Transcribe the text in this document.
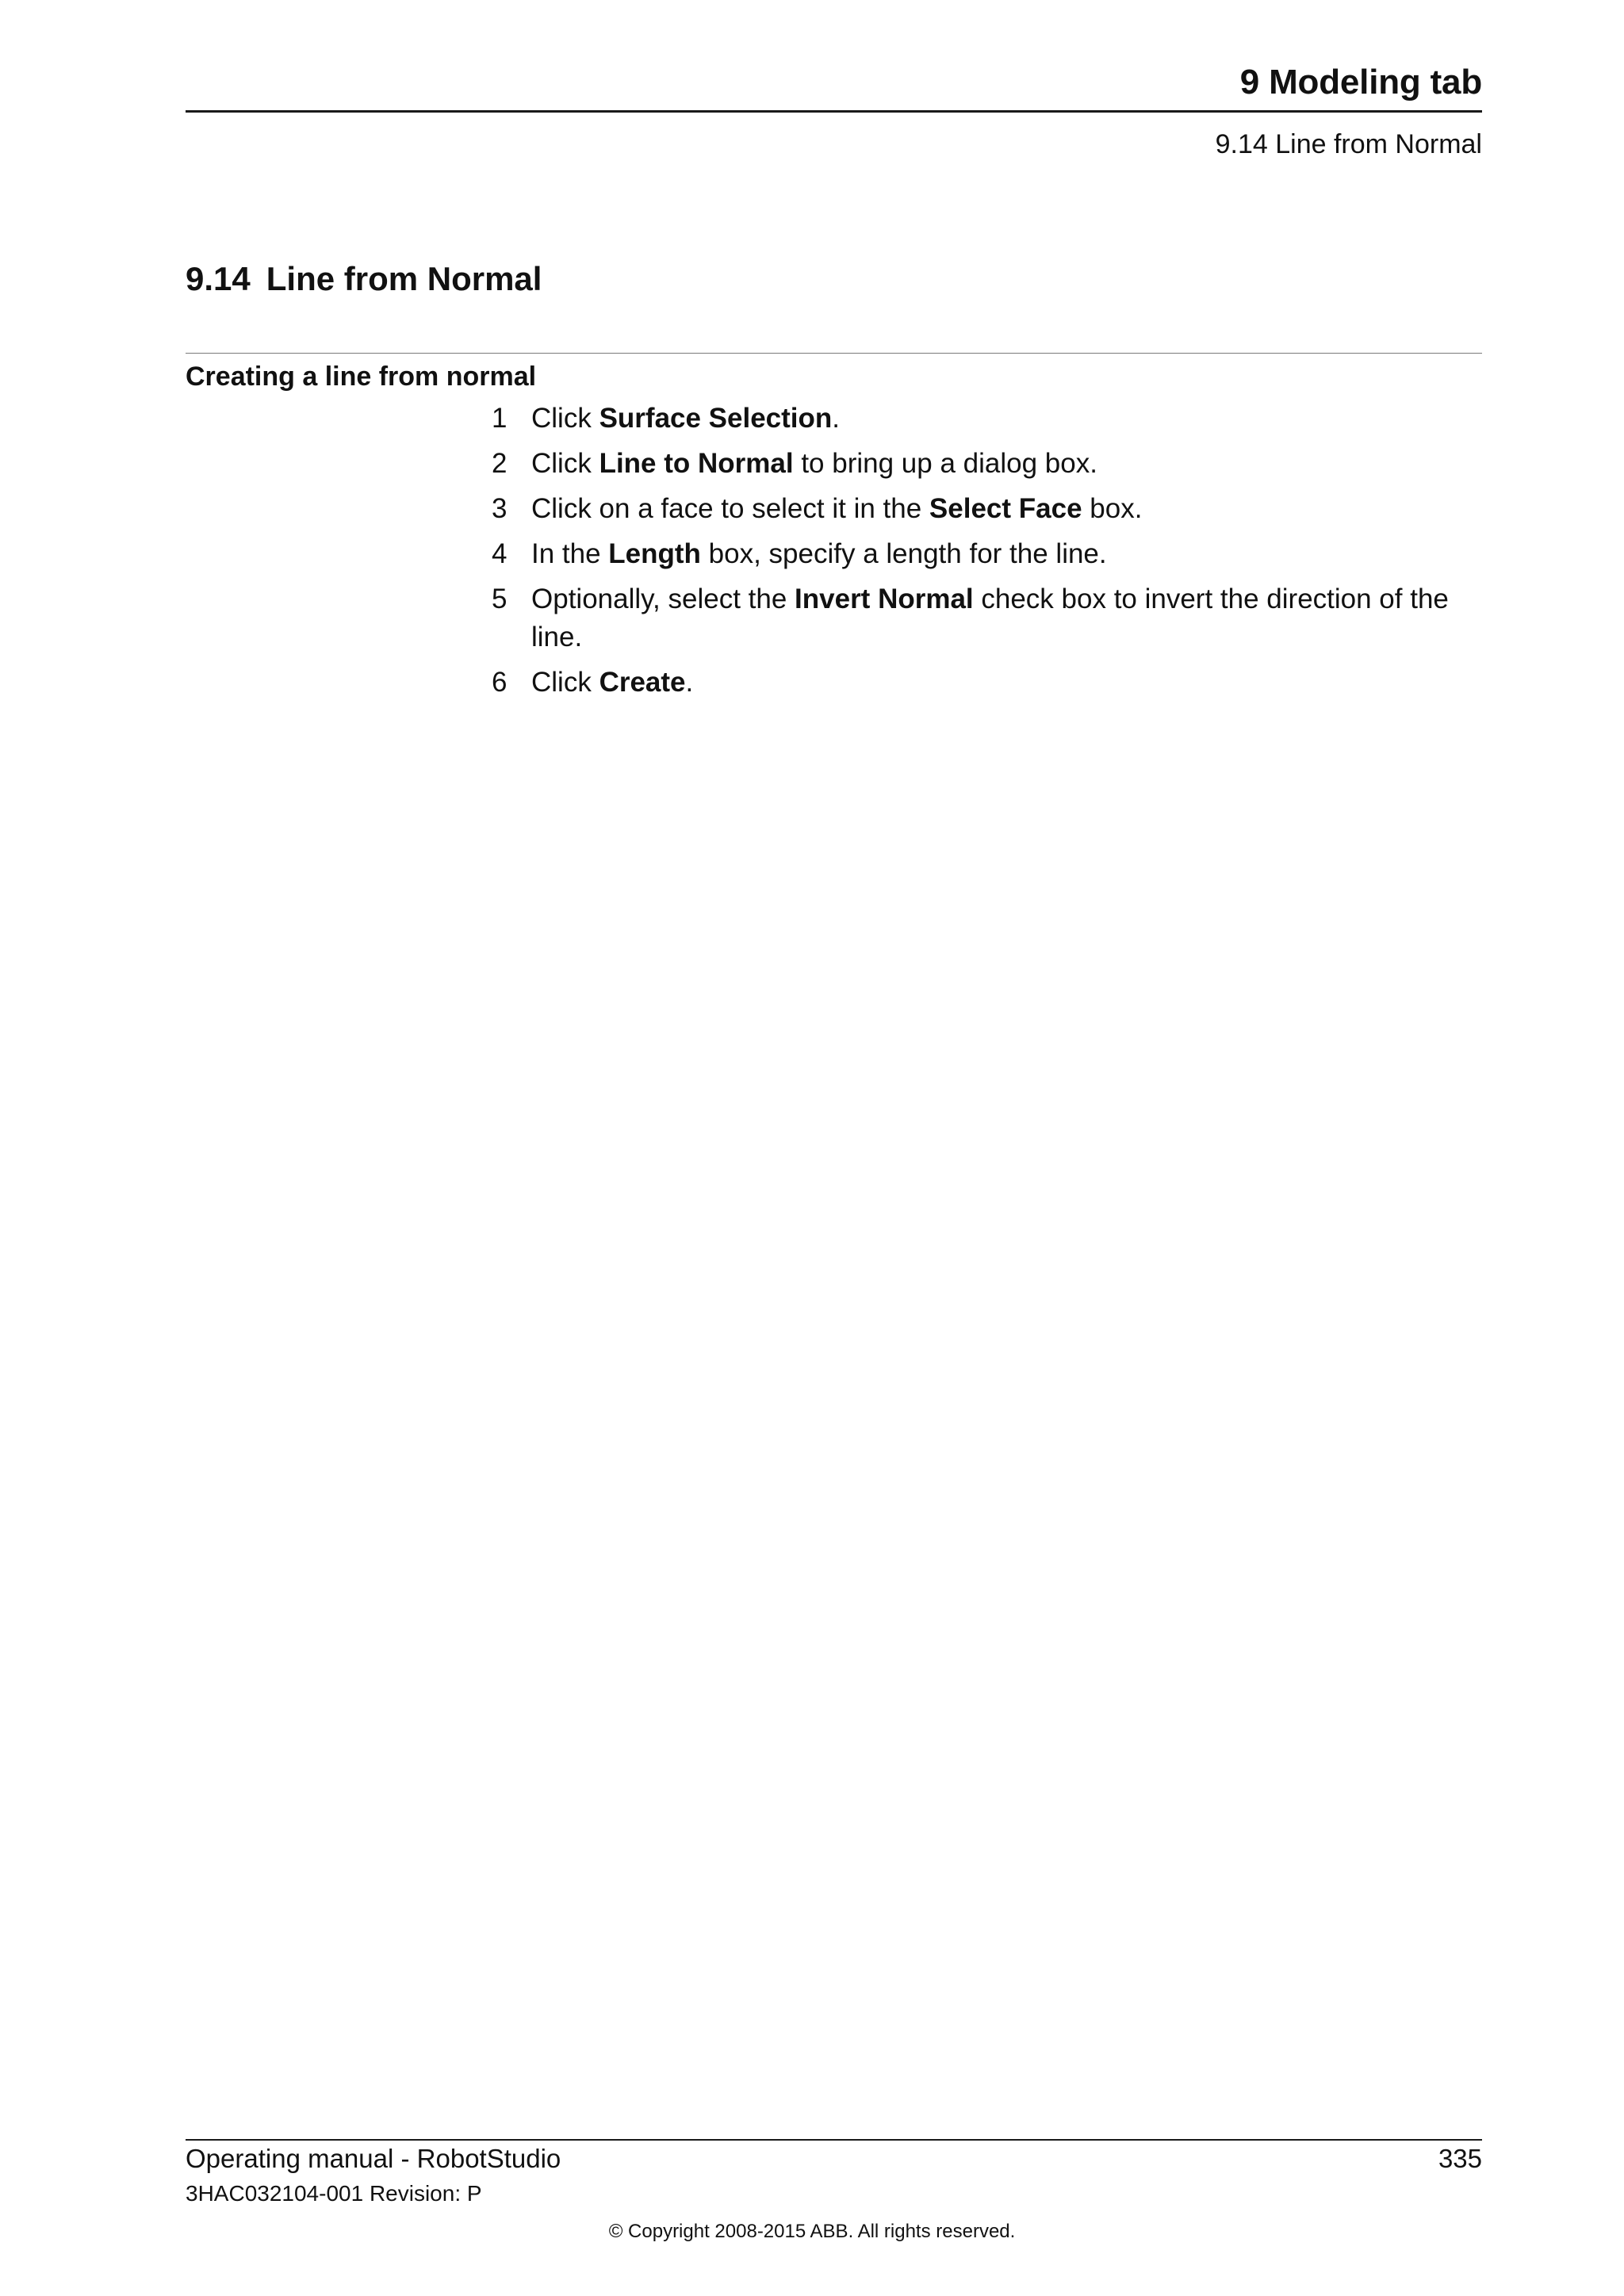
9 Modeling tab
9.14 Line from Normal
9.14 Line from Normal
Creating a line from normal
1 Click Surface Selection.
2 Click Line to Normal to bring up a dialog box.
3 Click on a face to select it in the Select Face box.
4 In the Length box, specify a length for the line.
5 Optionally, select the Invert Normal check box to invert the direction of the line.
6 Click Create.
Operating manual - RobotStudio	335
3HAC032104-001 Revision: P
© Copyright 2008-2015 ABB. All rights reserved.
